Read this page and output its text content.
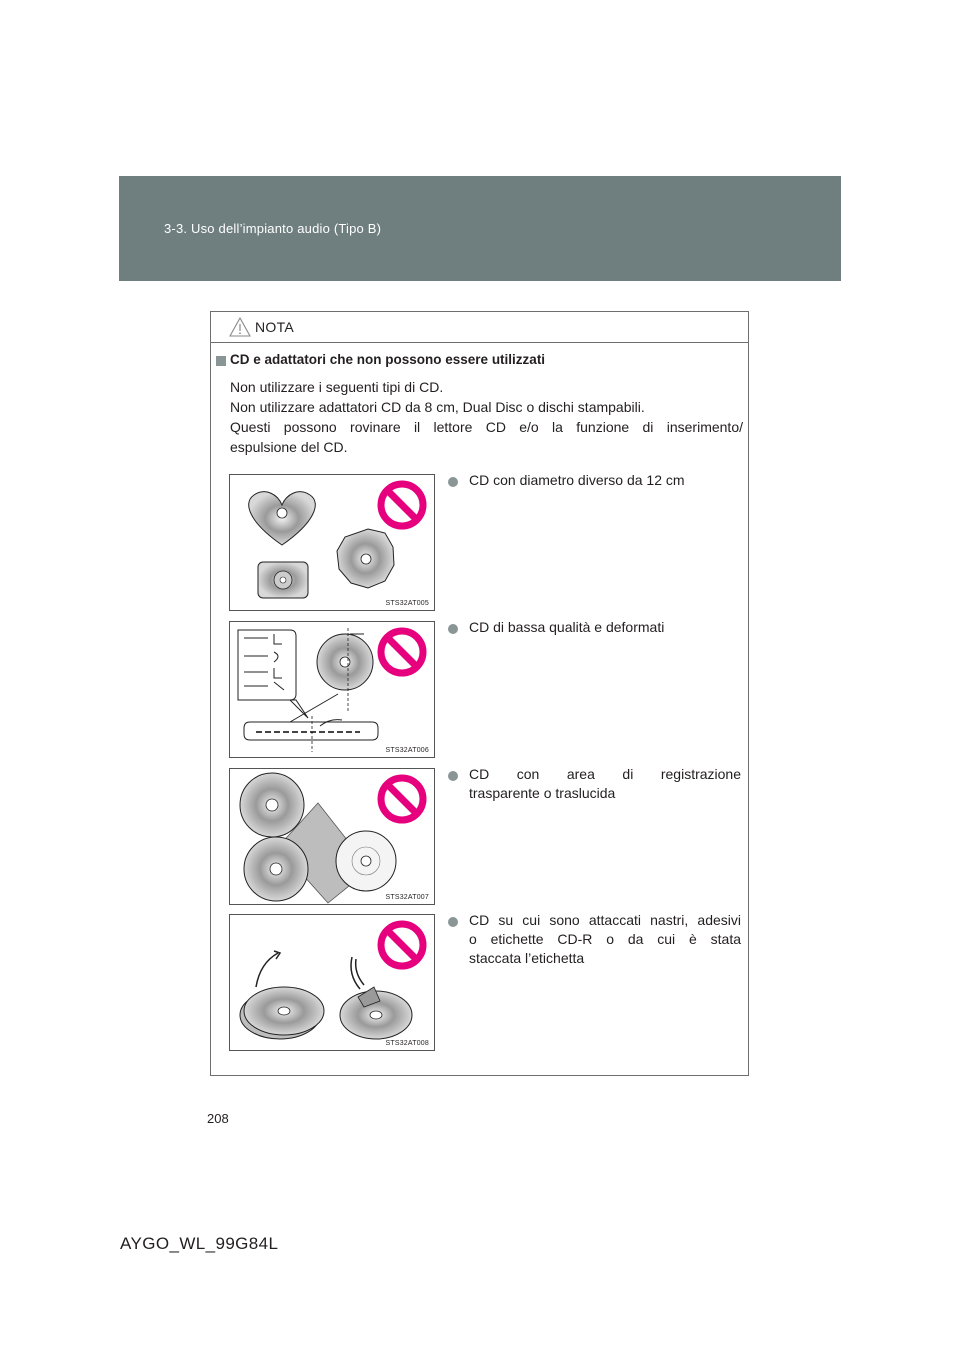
3-3. Uso dell’impianto audio (Tipo B)
NOTA
CD e adattatori che non possono essere utilizzati
Non utilizzare i seguenti tipi di CD.
Non utilizzare adattatori CD da 8 cm, Dual Disc o dischi stampabili.
Questi possono rovinare il lettore CD e/o la funzione di inserimento/
espulsione del CD.
STS32AT005
CD con diametro diverso da 12 cm
STS32AT006
CD di bassa qualità e deformati
STS32AT007
CD con area di registrazione
trasparente o traslucida
STS32AT008
CD su cui sono attaccati nastri, adesivi
o etichette CD-R o da cui è stata
staccata l’etichetta
208
AYGO_WL_99G84L
